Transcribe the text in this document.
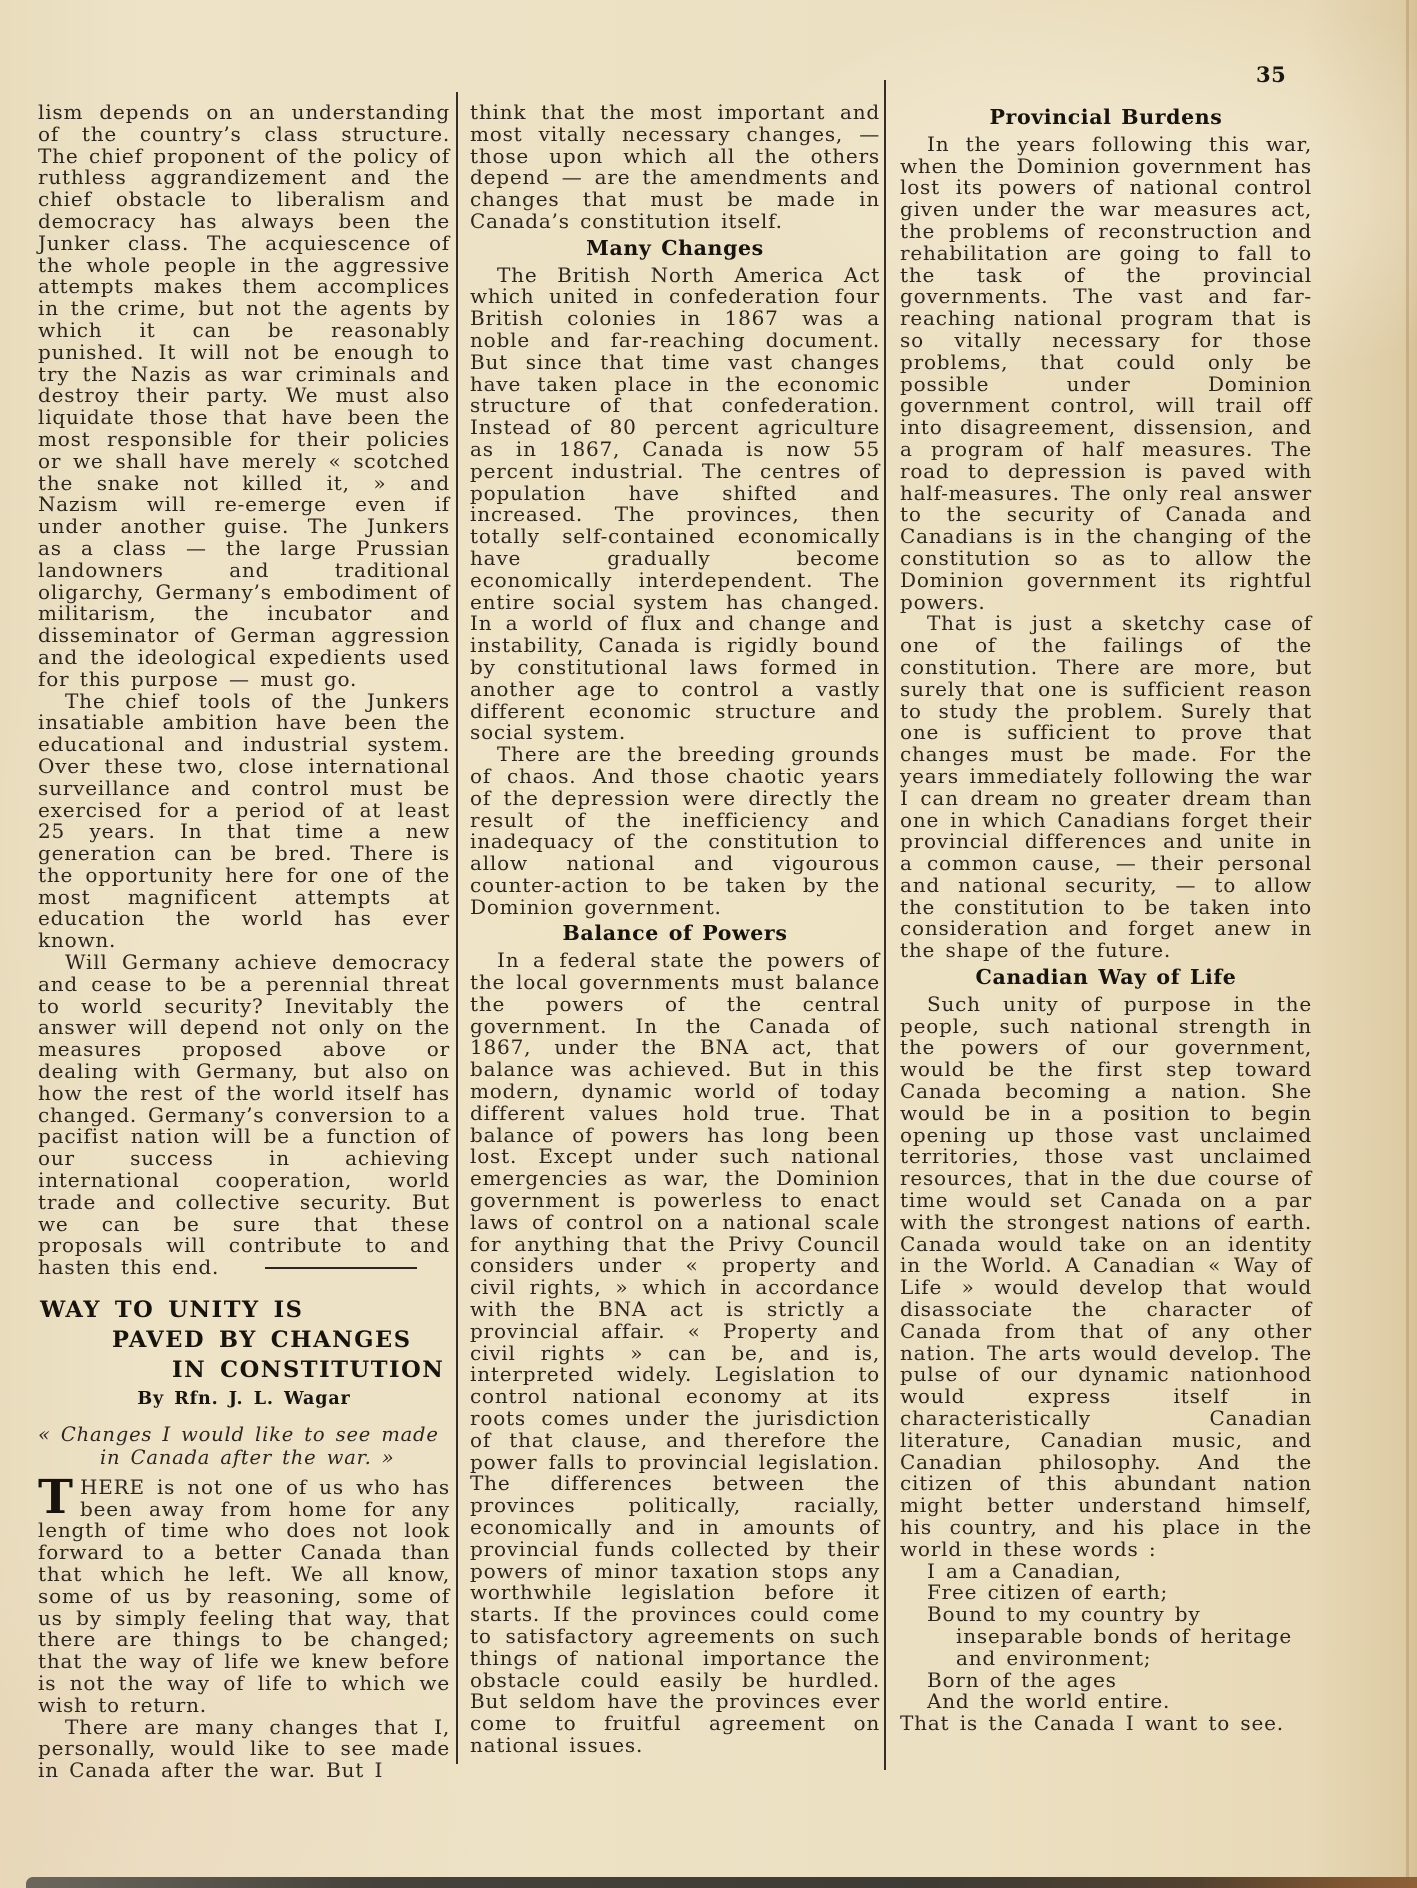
35

lism depends on an understanding of the country’s class structure. The chief proponent of the policy of ruthless aggrandizement and the chief obstacle to liberalism and democracy has always been the Junker class. The acquiescence of the whole people in the aggressive attempts makes them accomplices in the crime, but not the agents by which it can be reasonably punished. It will not be enough to try the Nazis as war criminals and destroy their party. We must also liquidate those that have been the most responsible for their policies or we shall have merely « scotched the snake not killed it, » and Nazism will re-emerge even if under another guise. The Junkers as a class — the large Prussian landowners and traditional oligarchy, Germany’s embodiment of militarism, the incubator and disseminator of German aggression and the ideological expedients used for this purpose — must go.

The chief tools of the Junkers insatiable ambition have been the educational and industrial system. Over these two, close international surveillance and control must be exercised for a period of at least 25 years. In that time a new generation can be bred. There is the opportunity here for one of the most magnificent attempts at education the world has ever known.

Will Germany achieve democracy and cease to be a perennial threat to world security? Inevitably the answer will depend not only on the measures proposed above or dealing with Germany, but also on how the rest of the world itself has changed. Germany’s conversion to a pacifist nation will be a function of our success in achieving international cooperation, world trade and collective security. But we can be sure that these proposals will contribute to and hasten this end.

WAY TO UNITY IS
PAVED BY CHANGES
IN CONSTITUTION
By Rfn. J. L. Wagar
« Changes I would like to see made
in Canada after the war. »

THERE is not one of us who has been away from home for any length of time who does not look forward to a better Canada than that which he left. We all know, some of us by reasoning, some of us by simply feeling that way, that there are things to be changed; that the way of life we knew before is not the way of life to which we wish to return.

There are many changes that I, personally, would like to see made in Canada after the war. But I

think that the most important and most vitally necessary changes, — those upon which all the others depend — are the amendments and changes that must be made in Canada’s constitution itself.

Many Changes

The British North America Act which united in confederation four British colonies in 1867 was a noble and far-reaching document. But since that time vast changes have taken place in the economic structure of that confederation. Instead of 80 percent agriculture as in 1867, Canada is now 55 percent industrial. The centres of population have shifted and increased. The provinces, then totally self-contained economically have gradually become economically interdependent. The entire social system has changed. In a world of flux and change and instability, Canada is rigidly bound by constitutional laws formed in another age to control a vastly different economic structure and social system.

There are the breeding grounds of chaos. And those chaotic years of the depression were directly the result of the inefficiency and inadequacy of the constitution to allow national and vigourous counter-action to be taken by the Dominion government.

Balance of Powers

In a federal state the powers of the local governments must balance the powers of the central government. In the Canada of 1867, under the BNA act, that balance was achieved. But in this modern, dynamic world of today different values hold true. That balance of powers has long been lost. Except under such national emergencies as war, the Dominion government is powerless to enact laws of control on a national scale for anything that the Privy Council considers under « property and civil rights, » which in accordance with the BNA act is strictly a provincial affair. « Property and civil rights » can be, and is, interpreted widely. Legislation to control national economy at its roots comes under the jurisdiction of that clause, and therefore the power falls to provincial legislation. The differences between the provinces politically, racially, economically and in amounts of provincial funds collected by their powers of minor taxation stops any worthwhile legislation before it starts. If the provinces could come to satisfactory agreements on such things of national importance the obstacle could easily be hurdled. But seldom have the provinces ever come to fruitful agreement on national issues.

Provincial Burdens

In the years following this war, when the Dominion government has lost its powers of national control given under the war measures act, the problems of reconstruction and rehabilitation are going to fall to the task of the provincial governments. The vast and far-reaching national program that is so vitally necessary for those problems, that could only be possible under Dominion government control, will trail off into disagreement, dissension, and a program of half measures. The road to depression is paved with half-measures. The only real answer to the security of Canada and Canadians is in the changing of the constitution so as to allow the Dominion government its rightful powers.

That is just a sketchy case of one of the failings of the constitution. There are more, but surely that one is sufficient reason to study the problem. Surely that one is sufficient to prove that changes must be made. For the years immediately following the war I can dream no greater dream than one in which Canadians forget their provincial differences and unite in a common cause, — their personal and national security, — to allow the constitution to be taken into consideration and forget anew in the shape of the future.

Canadian Way of Life

Such unity of purpose in the people, such national strength in the powers of our government, would be the first step toward Canada becoming a nation. She would be in a position to begin opening up those vast unclaimed territories, those vast unclaimed resources, that in the due course of time would set Canada on a par with the strongest nations of earth. Canada would take on an identity in the World. A Canadian « Way of Life » would develop that would disassociate the character of Canada from that of any other nation. The arts would develop. The pulse of our dynamic nationhood would express itself in characteristically Canadian literature, Canadian music, and Canadian philosophy. And the citizen of this abundant nation might better understand himself, his country, and his place in the world in these words :

I am a Canadian,
Free citizen of earth;
Bound to my country by inseparable bonds of heritage and environment;
Born of the ages
And the world entire.
That is the Canada I want to see.
